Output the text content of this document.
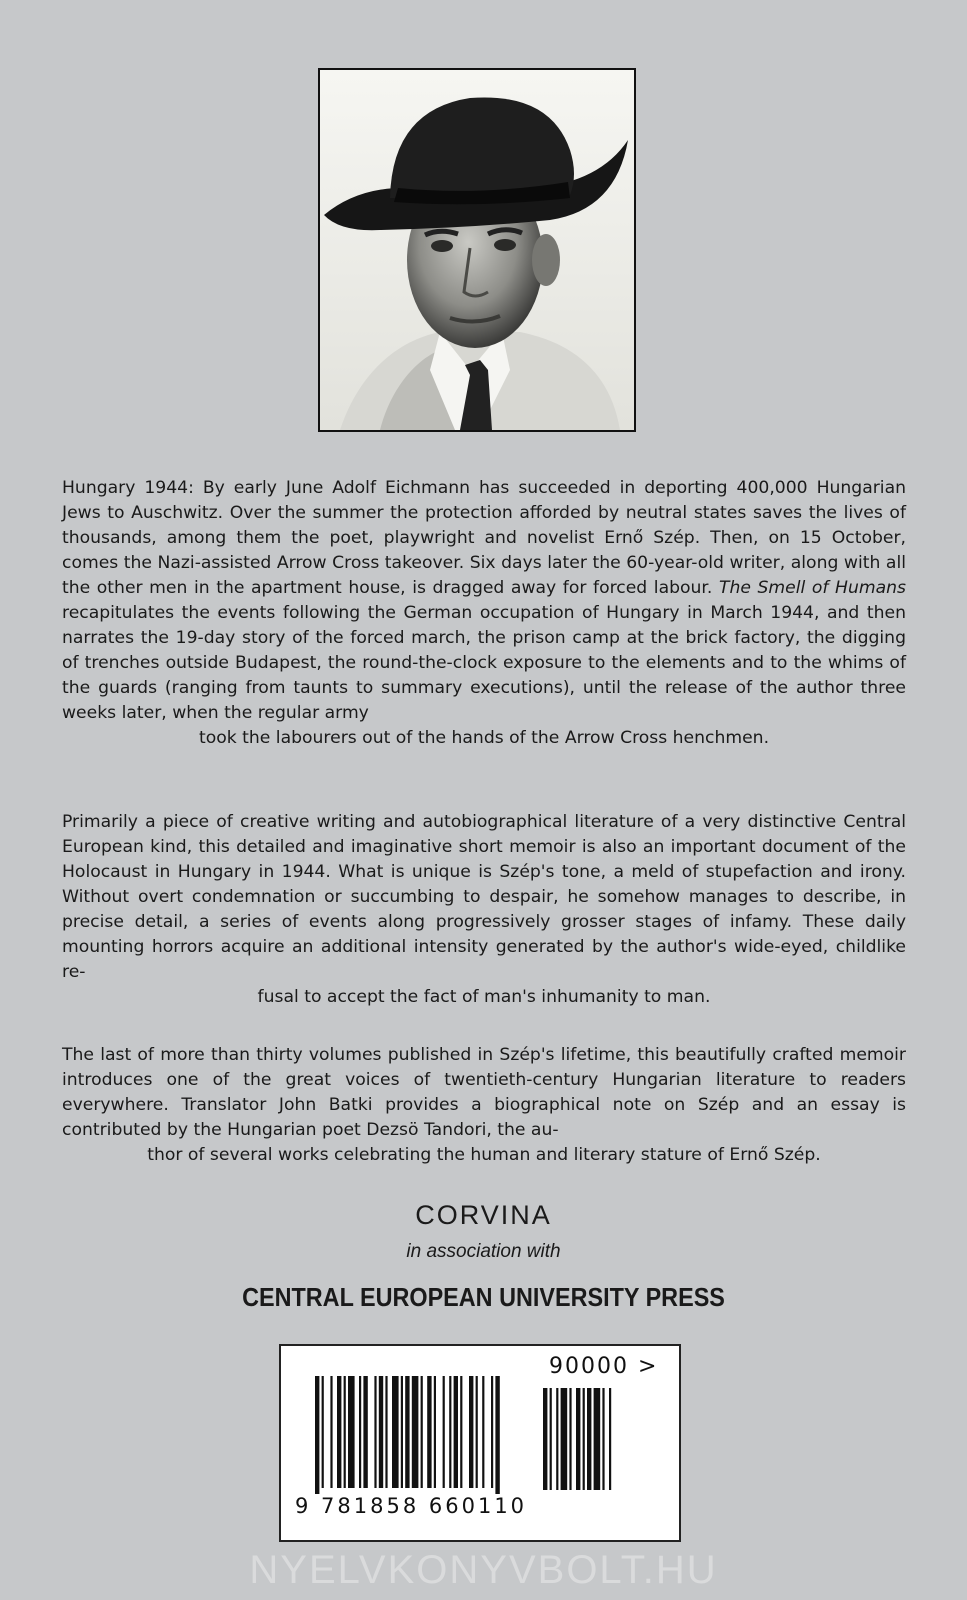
Hungary 1944: By early June Adolf Eichmann has succeeded in deporting 400,000 Hungarian Jews to Auschwitz. Over the summer the protection afforded by neutral states saves the lives of thousands, among them the poet, playwright and novelist Ernő Szép. Then, on 15 October, comes the Nazi-assisted Arrow Cross takeover. Six days later the 60-year-old writer, along with all the other men in the apartment house, is dragged away for forced labour. The Smell of Humans recapitulates the events following the German occupation of Hungary in March 1944, and then narrates the 19-day story of the forced march, the prison camp at the brick factory, the digging of trenches outside Budapest, the round-the-clock exposure to the elements and to the whims of the guards (ranging from taunts to summary executions), until the release of the author three weeks later, when the regular army
took the labourers out of the hands of the Arrow Cross henchmen.

Primarily a piece of creative writing and autobiographical literature of a very distinctive Central European kind, this detailed and imaginative short memoir is also an important document of the Holocaust in Hungary in 1944. What is unique is Szép's tone, a meld of stupefaction and irony. Without overt condemnation or succumbing to despair, he somehow manages to describe, in precise detail, a series of events along progressively grosser stages of infamy. These daily mounting horrors acquire an additional intensity generated by the author's wide-eyed, childlike re-
fusal to accept the fact of man's inhumanity to man.

The last of more than thirty volumes published in Szép's lifetime, this beautifully crafted memoir introduces one of the great voices of twentieth-century Hungarian literature to readers everywhere. Translator John Batki provides a biographical note on Szép and an essay is contributed by the Hungarian poet Dezsö Tandori, the au-
thor of several works celebrating the human and literary stature of Ernő Szép.

CORVINA
in association with
CENTRAL EUROPEAN UNIVERSITY PRESS
9 781858 660110
90000 >
NYELVKONYVBOLT.HU
